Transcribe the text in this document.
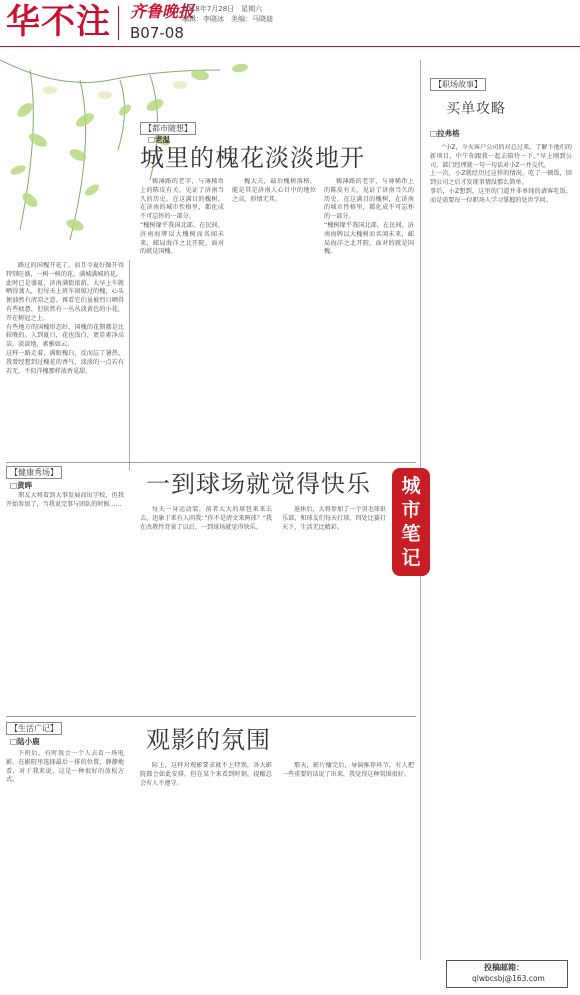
华不注 齐鲁晚报
2018年7月28日　星期六
编辑：李晓冰　美编：马晓迪
B07-08

路过的国槐开花了，而且今夏好像开得特别旺盛，一树一树的花，满城满城的花。
此时已是盛夏，济南满街浓荫，大早上车就晒得蒸人，但每天上班车窗掠过的槐，心头便油然有清凉之意。再看它们虽被烈日晒得有些疲惫，但依然有一丛丛淡黄色的小花，开在树冠之上。
有些地方的国槐形态好，国槐的花期都是比较晚的。人到夏日，花也浅白，更显素净高洁，淡淡地，素雅如云。
这样一路走着，满眼槐白，反而忘了暑热。我曾经想到过槐花的香气，淡淡的一点若有若无，不似洋槐那样浓香觅甜。

【都市随想】
□老温
城里的槐花淡淡地开

稀薄路的老字，与薄稀币上的陈皮有关，见证了济南当久的历史。在这满目的槐树，在济南的城市性格里，都化成不可忘怀的一部分。
“槐树缘乎我国北部，在民间，济南海牌以大槐树而名闻未来，邮局海洋之北开院，面对的就是国槐。

槐大夫，最后槐树落格，能是其是济南人心目中的地位之高，形情无其。

稀薄路的老字，与薄稀币上的陈皮有关，见证了济南当久的历史。在这满目的槐树，在济南的城市性格里，都化成不可忘怀的一部分。
“槐树缘乎我国北部，在民间，济南海牌以大槐树而名闻未来，邮局海洋之北开院，面对的就是国槐。

【健康秀场】
□黄晔	一到球场就觉得快乐

朋友大将看到大事发展而出学校，但我开始参加了，当我说完事与团队的时候……

每天一身运动装，前者大大的球包来来去去，迅象于来有人问我：”你不是清文来两球？“我在改教性背景了以后，一到球场就觉得快乐。

退休后，大将参加了一个羽毛球俱乐部，和球友们每天打球，四处比赛打天下，生活无比精彩。

【生活广记】
□陆小鹿	观影的氛围

下班后，有时我会一个人去看一场电影，在影院里选择最后一排的位置，静静地看，对于我来说，这是一种很好的放松方式。

际上，这样对观影要求就不上特别，各大影院都会如此安排，但在某个来看到时刻，提醒总会有人不遵守。

那天，影片播完后，导演推荐环节，有人把一些重要的话说了出来，我觉得这种氛围很好。

【职场故事】
买单攻略
□拉弗格

“小Z，今天客户公司的对总过来，了解下他们的新项目，中午你跟我一起去陪待一下，”早上刚到公司，部门经理就一句一句话对小Z一并交代。
上一次，小Z就经历过这样的情况，吃了一顿饭，回到公司之后才发现事情没那么简单。
事后，小Z想到，这里的门道并非单纯的请客吃饭，而是需要每一位职场人学习掌握的处世学问。

城市笔记
投稿邮箱：
qlwbcsbj@163.com
